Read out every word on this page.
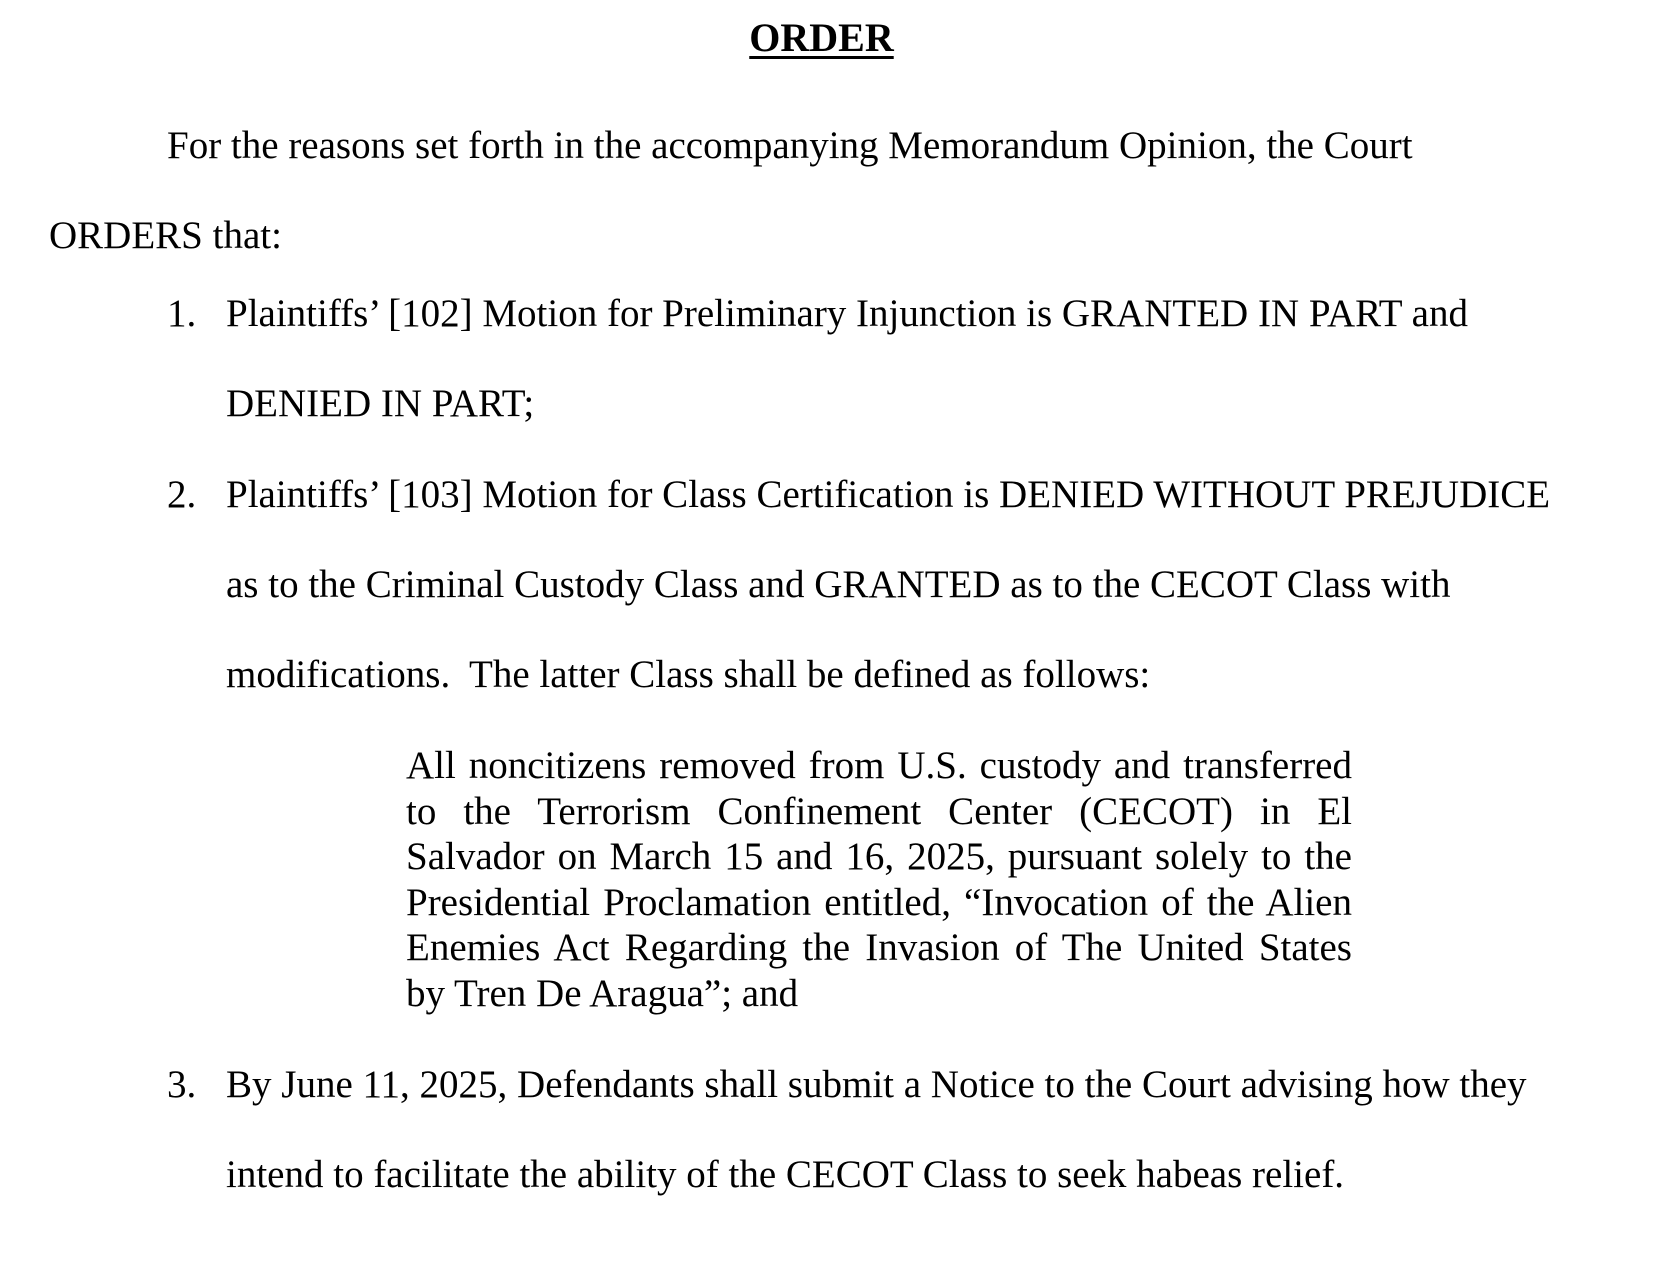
ORDER

For the reasons set forth in the accompanying Memorandum Opinion, the Court ORDERS that:

1. Plaintiffs’ [102] Motion for Preliminary Injunction is GRANTED IN PART and DENIED IN PART;
2. Plaintiffs’ [103] Motion for Class Certification is DENIED WITHOUT PREJUDICE as to the Criminal Custody Class and GRANTED as to the CECOT Class with modifications.  The latter Class shall be defined as follows:
All noncitizens removed from U.S. custody and transferred to the Terrorism Confinement Center (CECOT) in El Salvador on March 15 and 16, 2025, pursuant solely to the Presidential Proclamation entitled, “Invocation of the Alien Enemies Act Regarding the Invasion of The United States by Tren De Aragua”; and
3. By June 11, 2025, Defendants shall submit a Notice to the Court advising how they intend to facilitate the ability of the CECOT Class to seek habeas relief.
